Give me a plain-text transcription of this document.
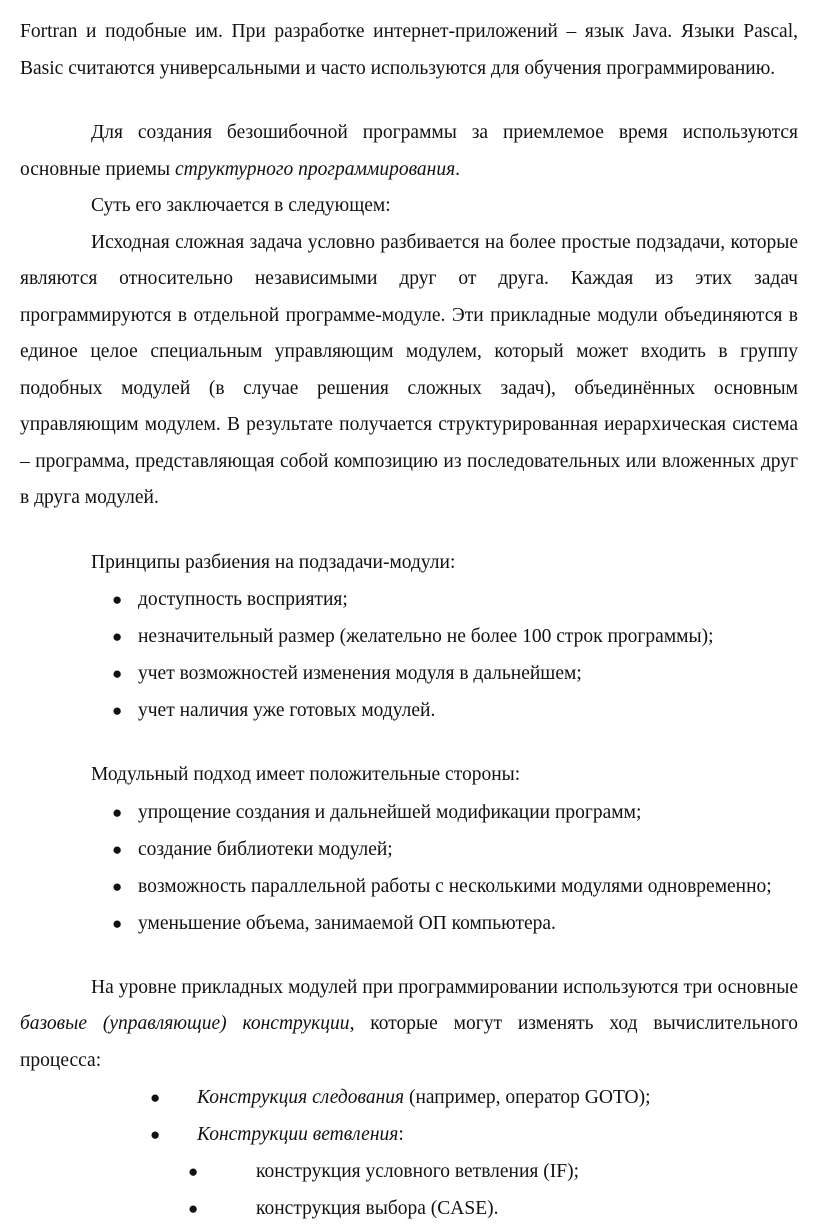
Fortran и подобные им. При разработке интернет-приложений – язык Java. Языки Pascal, Basic считаются универсальными и часто используются для обучения программированию.

Для создания безошибочной программы за приемлемое время используются основные приемы структурного программирования.

Суть его заключается в следующем:

Исходная сложная задача условно разбивается на более простые подзадачи, которые являются относительно независимыми друг от друга. Каждая из этих задач программируются в отдельной программе-модуле. Эти прикладные модули объединяются в единое целое специальным управляющим модулем, который может входить в группу подобных модулей (в случае решения сложных задач), объединённых основным управляющим модулем. В результате получается структурированная иерархическая система – программа, представляющая собой композицию из последовательных или вложенных друг в друга модулей.

Принципы разбиения на подзадачи-модули:

● доступность восприятия;
● незначительный размер (желательно не более 100 строк программы);
● учет возможностей изменения модуля в дальнейшем;
● учет наличия уже готовых модулей.

Модульный подход имеет положительные стороны:

● упрощение создания и дальнейшей модификации программ;
● создание библиотеки модулей;
● возможность параллельной работы с несколькими модулями одновременно;
● уменьшение объема, занимаемой ОП компьютера.

На уровне прикладных модулей при программировании используются три основные базовые (управляющие) конструкции, которые могут изменять ход вычислительного процесса:

● Конструкция следования (например, оператор GOTO);
● Конструкции ветвления:
●	конструкция условного ветвления (IF);
●	конструкция выбора (CASE).
